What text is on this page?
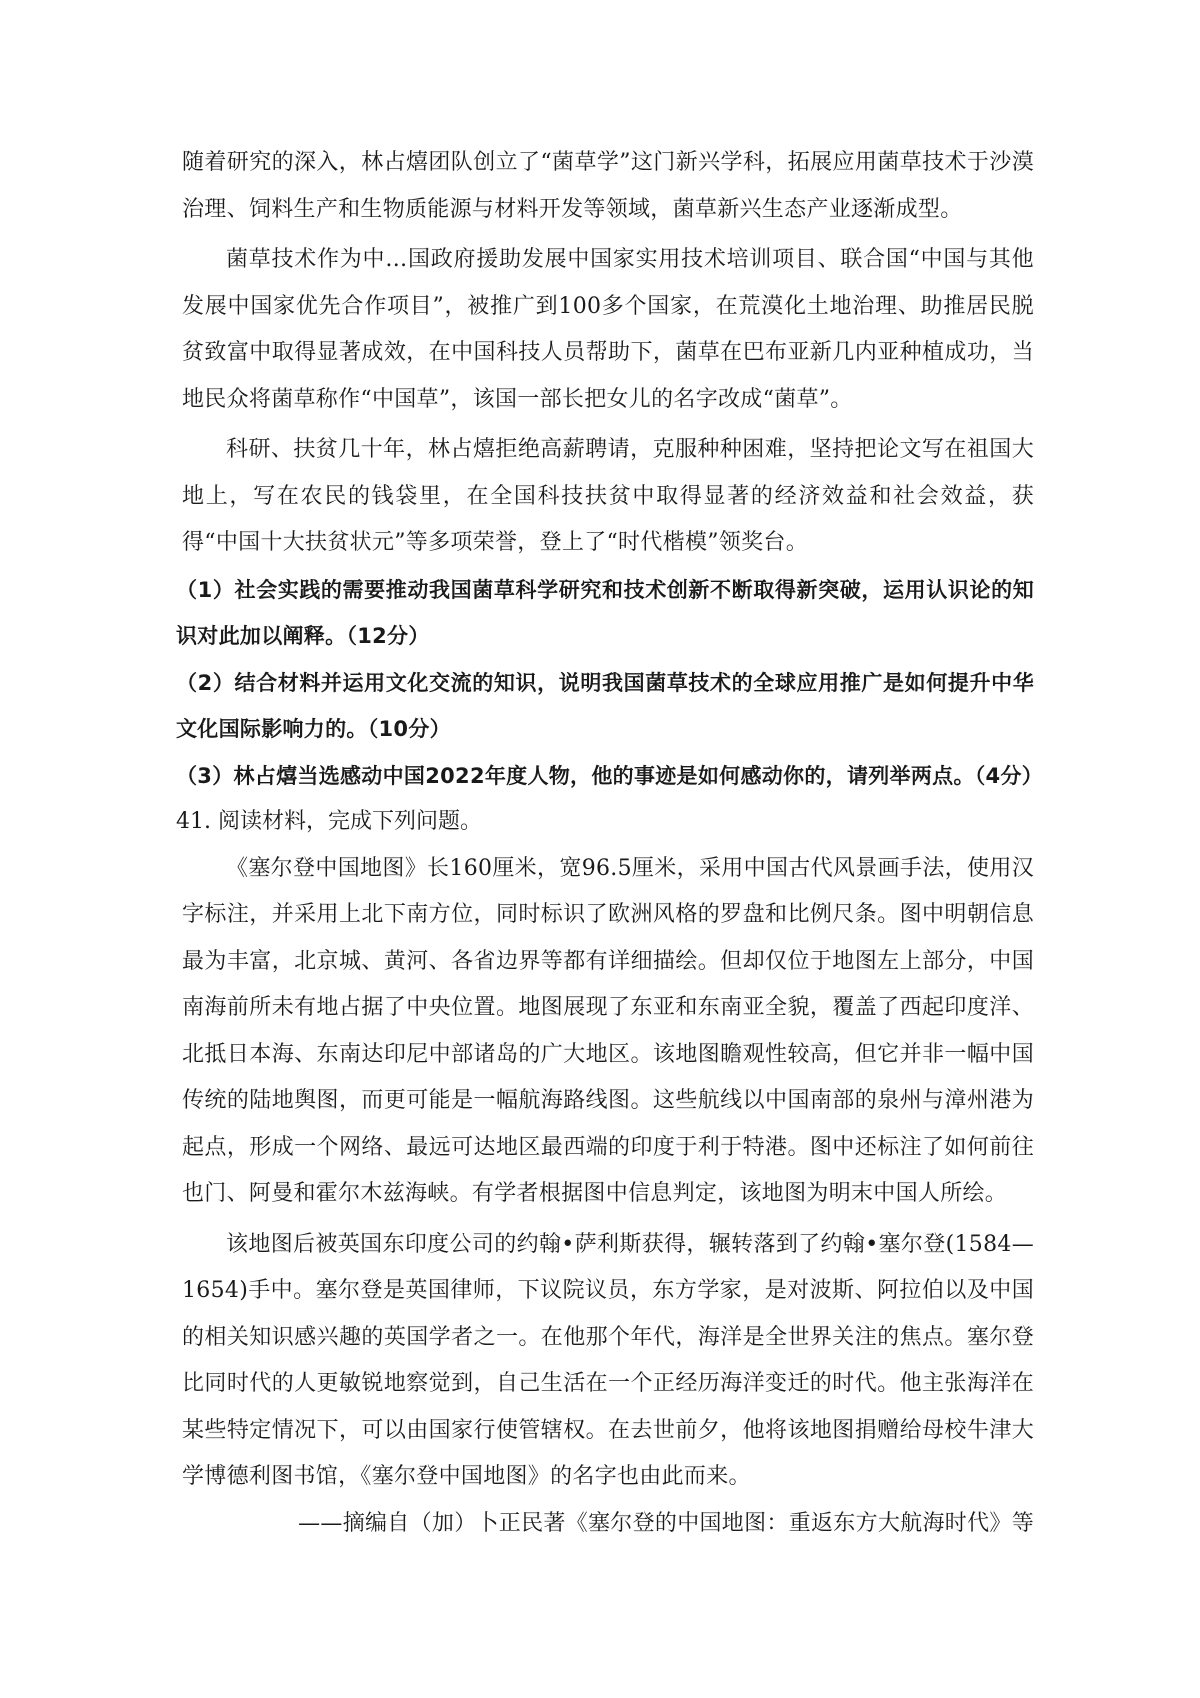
随着研究的深入，林占熺团队创立了“菌草学”这门新兴学科，拓展应用菌草技术于沙漠治理、饲料生产和生物质能源与材料开发等领域，菌草新兴生态产业逐渐成型。

菌草技术作为中…国政府援助发展中国家实用技术培训项目、联合国“中国与其他发展中国家优先合作项目”，被推广到100多个国家，在荒漠化土地治理、助推居民脱贫致富中取得显著成效，在中国科技人员帮助下，菌草在巴布亚新几内亚种植成功，当地民众将菌草称作“中国草”，该国一部长把女儿的名字改成“菌草”。

科研、扶贫几十年，林占熺拒绝高薪聘请，克服种种困难，坚持把论文写在祖国大地上，写在农民的钱袋里，在全国科技扶贫中取得显著的经济效益和社会效益，获得“中国十大扶贫状元”等多项荣誉，登上了“时代楷模”领奖台。

（1）社会实践的需要推动我国菌草科学研究和技术创新不断取得新突破，运用认识论的知识对此加以阐释。（12分）

（2）结合材料并运用文化交流的知识，说明我国菌草技术的全球应用推广是如何提升中华文化国际影响力的。（10分）

（3）林占熺当选感动中国2022年度人物，他的事迹是如何感动你的，请列举两点。（4分）

41. 阅读材料，完成下列问题。

《塞尔登中国地图》长160厘米，宽96.5厘米，采用中国古代风景画手法，使用汉字标注，并采用上北下南方位，同时标识了欧洲风格的罗盘和比例尺条。图中明朝信息最为丰富，北京城、黄河、各省边界等都有详细描绘。但却仅位于地图左上部分，中国南海前所未有地占据了中央位置。地图展现了东亚和东南亚全貌，覆盖了西起印度洋、北抵日本海、东南达印尼中部诸岛的广大地区。该地图瞻观性较高，但它并非一幅中国传统的陆地舆图，而更可能是一幅航海路线图。这些航线以中国南部的泉州与漳州港为起点，形成一个网络、最远可达地区最西端的印度于利于特港。图中还标注了如何前往也门、阿曼和霍尔木兹海峡。有学者根据图中信息判定，该地图为明末中国人所绘。

该地图后被英国东印度公司的约翰•萨利斯获得，辗转落到了约翰•塞尔登(1584—1654)手中。塞尔登是英国律师，下议院议员，东方学家，是对波斯、阿拉伯以及中国的相关知识感兴趣的英国学者之一。在他那个年代，海洋是全世界关注的焦点。塞尔登比同时代的人更敏锐地察觉到，自己生活在一个正经历海洋变迁的时代。他主张海洋在某些特定情况下，可以由国家行使管辖权。在去世前夕，他将该地图捐赠给母校牛津大学博德利图书馆，《塞尔登中国地图》的名字也由此而来。

——摘编自（加）卜正民著《塞尔登的中国地图：重返东方大航海时代》等
